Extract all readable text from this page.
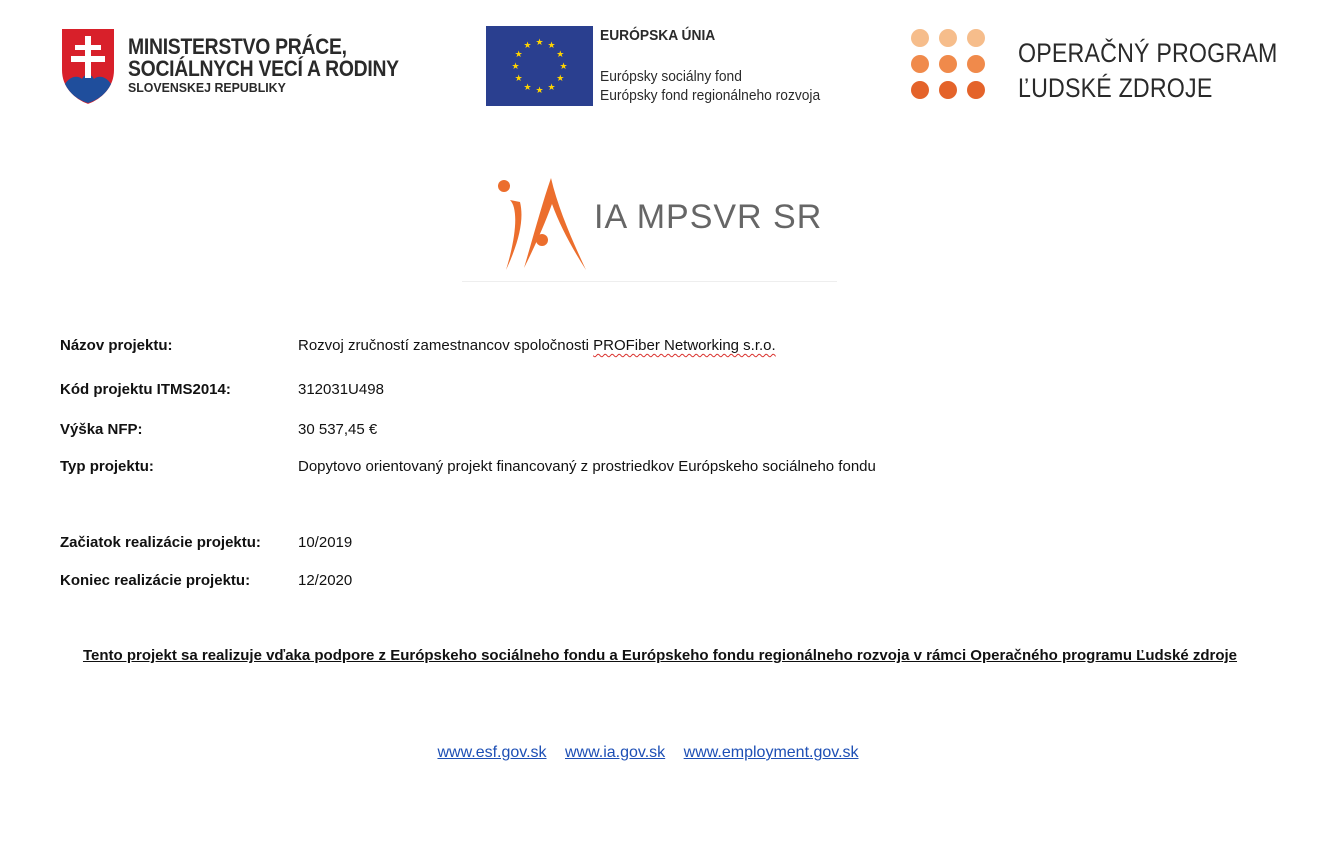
MINISTERSTVO PRÁCE,
SOCIÁLNYCH VECÍ A RODINY
SLOVENSKEJ REPUBLIKY
★ ★
★
★
★
★
★
★
★
★
★
★
EURÓPSKA ÚNIA
Európsky sociálny fond
Európsky fond regionálneho rozvoja
OPERAČNÝ PROGRAM
ĽUDSKÉ ZDROJE
IA MPSVR SR
Názov projektu:	Rozvoj zručností zamestnancov spoločnosti PROFiber Networking s.r.o.
Kód projektu ITMS2014:	312031U498
Výška NFP:	30 537,45 €
Typ projektu:	Dopytovo orientovaný projekt financovaný z prostriedkov Európskeho sociálneho fondu
Začiatok realizácie projektu: 10/2019
Koniec realizácie projektu:	12/2020
Tento projekt sa realizuje vďaka podpore z Európskeho sociálneho fondu a Európskeho fondu regionálneho rozvoja v rámci Operačného programu Ľudské zdroje
www.esf.gov.sk www.ia.gov.sk www.employment.gov.sk
